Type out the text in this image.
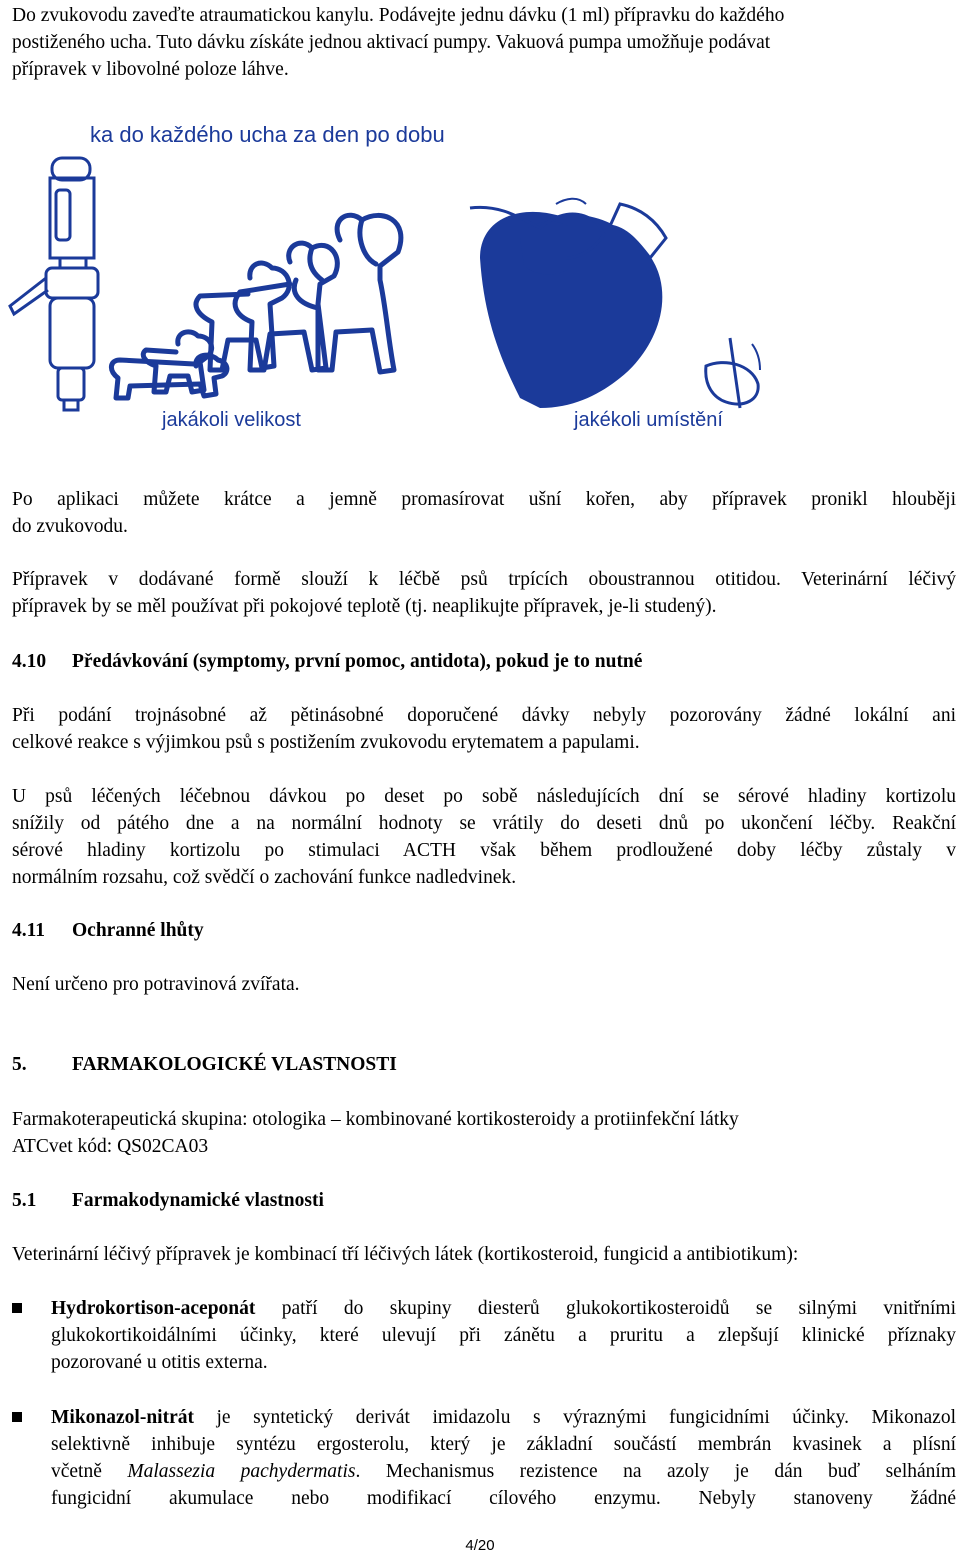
Do zvukovodu zaveďte atraumatickou kanylu. Podávejte jednu dávku (1 ml) přípravku do každého
postiženého ucha. Tuto dávku získáte jednou aktivací pumpy. Vakuová pumpa umožňuje podávat
přípravek v libovolné poloze láhve.
ka do každého ucha za den po dobu
jakákoli velikost	jakékoli umístění
Po aplikaci můžete krátce a jemně promasírovat ušní kořen, aby přípravek pronikl hlouběji
do zvukovodu.
Přípravek v dodávané formě slouží k léčbě psů trpících oboustrannou otitidou. Veterinární léčivý
přípravek by se měl používat při pokojové teplotě (tj. neaplikujte přípravek, je-li studený).
4.10 Předávkování (symptomy, první pomoc, antidota), pokud je to nutné
Při podání trojnásobné až pětinásobné doporučené dávky nebyly pozorovány žádné lokální ani
celkové reakce s výjimkou psů s postižením zvukovodu erytematem a papulami.
U psů léčených léčebnou dávkou po deset po sobě následujících dní se sérové hladiny kortizolu
snížily od pátého dne a na normální hodnoty se vrátily do deseti dnů po ukončení léčby. Reakční
sérové hladiny kortizolu po stimulaci ACTH však během prodloužené doby léčby zůstaly v
normálním rozsahu, což svědčí o zachování funkce nadledvinek.
4.11 Ochranné lhůty
Není určeno pro potravinová zvířata.
5. FARMAKOLOGICKÉ VLASTNOSTI
Farmakoterapeutická skupina: otologika – kombinované kortikosteroidy a protiinfekční látky
ATCvet kód: QS02CA03
5.1 Farmakodynamické vlastnosti
Veterinární léčivý přípravek je kombinací tří léčivých látek (kortikosteroid, fungicid a antibiotikum):
Hydrokortison-aceponát patří do skupiny diesterů glukokortikosteroidů se silnými vnitřními
glukokortikoidálními účinky, které ulevují při zánětu a pruritu a zlepšují klinické příznaky
pozorované u otitis externa.
Mikonazol-nitrát je syntetický derivát imidazolu s výraznými fungicidními účinky. Mikonazol
selektivně inhibuje syntézu ergosterolu, který je základní součástí membrán kvasinek a plísní
včetně Malassezia pachydermatis. Mechanismus rezistence na azoly je dán buď selháním
fungicidní akumulace nebo modifikací cílového enzymu. Nebyly stanoveny žádné
4/20
